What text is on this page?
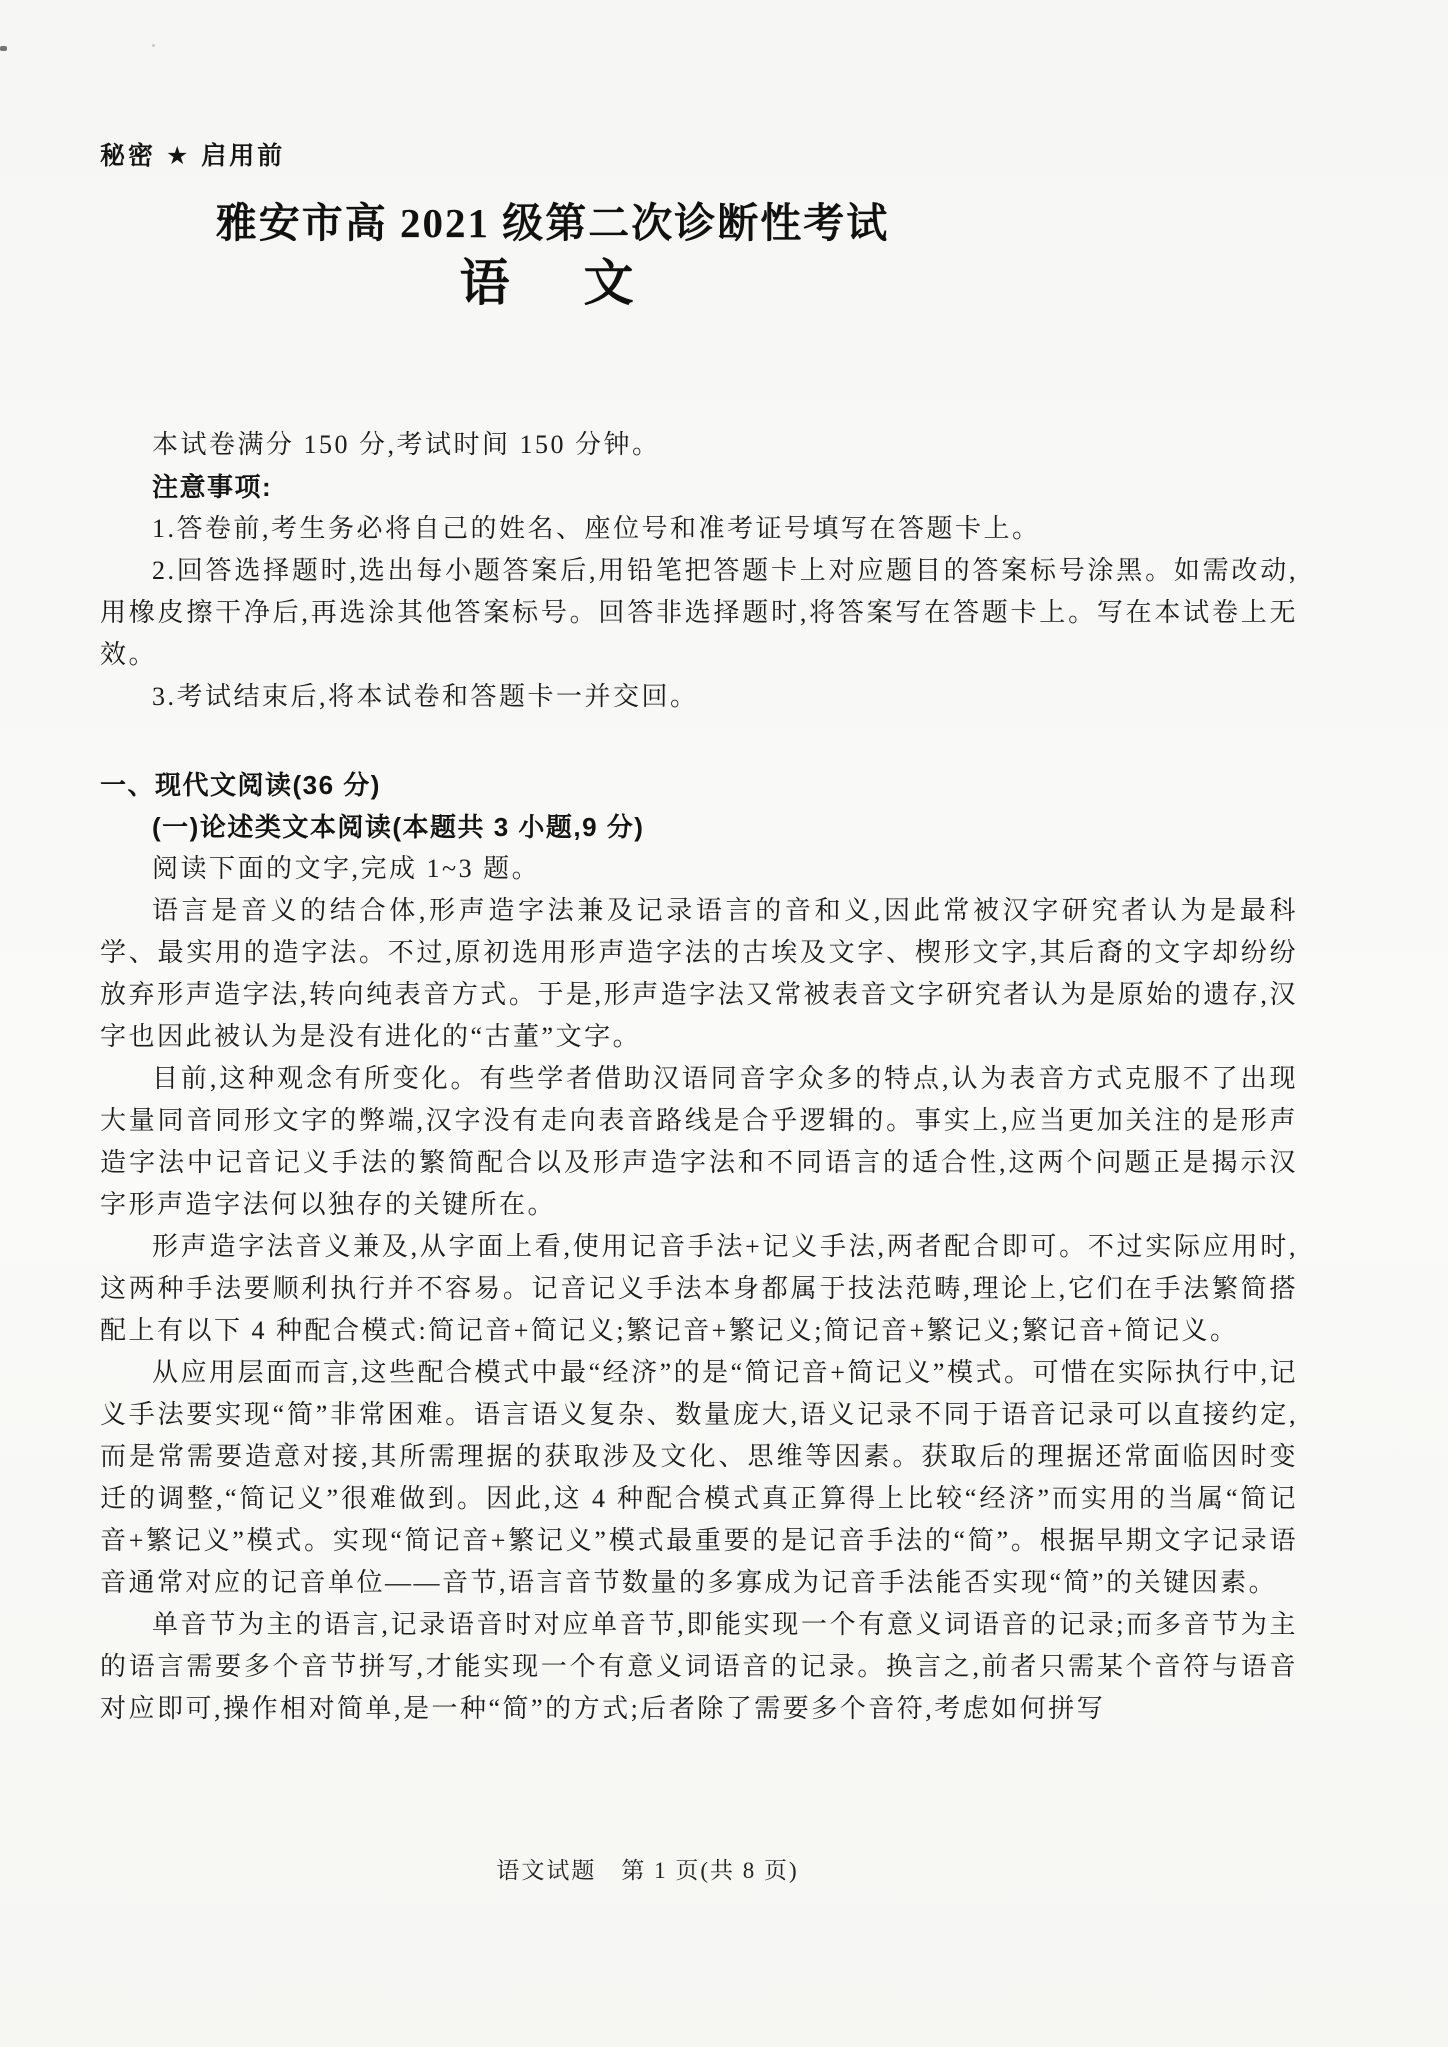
秘密 ★ 启用前
雅安市高 2021 级第二次诊断性考试
语　文

本试卷满分 150 分,考试时间 150 分钟。

注意事项:

1.答卷前,考生务必将自己的姓名、座位号和准考证号填写在答题卡上。

2.回答选择题时,选出每小题答案后,用铅笔把答题卡上对应题目的答案标号涂黑。如需改动,用橡皮擦干净后,再选涂其他答案标号。回答非选择题时,将答案写在答题卡上。写在本试卷上无效。

3.考试结束后,将本试卷和答题卡一并交回。

一、现代文阅读(36 分)

(一)论述类文本阅读(本题共 3 小题,9 分)

阅读下面的文字,完成 1~3 题。

语言是音义的结合体,形声造字法兼及记录语言的音和义,因此常被汉字研究者认为是最科学、最实用的造字法。不过,原初选用形声造字法的古埃及文字、楔形文字,其后裔的文字却纷纷放弃形声造字法,转向纯表音方式。于是,形声造字法又常被表音文字研究者认为是原始的遗存,汉字也因此被认为是没有进化的“古董”文字。

目前,这种观念有所变化。有些学者借助汉语同音字众多的特点,认为表音方式克服不了出现大量同音同形文字的弊端,汉字没有走向表音路线是合乎逻辑的。事实上,应当更加关注的是形声造字法中记音记义手法的繁简配合以及形声造字法和不同语言的适合性,这两个问题正是揭示汉字形声造字法何以独存的关键所在。

形声造字法音义兼及,从字面上看,使用记音手法+记义手法,两者配合即可。不过实际应用时,这两种手法要顺利执行并不容易。记音记义手法本身都属于技法范畴,理论上,它们在手法繁简搭配上有以下 4 种配合模式:简记音+简记义;繁记音+繁记义;简记音+繁记义;繁记音+简记义。

从应用层面而言,这些配合模式中最“经济”的是“简记音+简记义”模式。可惜在实际执行中,记义手法要实现“简”非常困难。语言语义复杂、数量庞大,语义记录不同于语音记录可以直接约定,而是常需要造意对接,其所需理据的获取涉及文化、思维等因素。获取后的理据还常面临因时变迁的调整,“简记义”很难做到。因此,这 4 种配合模式真正算得上比较“经济”而实用的当属“简记音+繁记义”模式。实现“简记音+繁记义”模式最重要的是记音手法的“简”。根据早期文字记录语音通常对应的记音单位——音节,语言音节数量的多寡成为记音手法能否实现“简”的关键因素。

单音节为主的语言,记录语音时对应单音节,即能实现一个有意义词语音的记录;而多音节为主的语言需要多个音节拼写,才能实现一个有意义词语音的记录。换言之,前者只需某个音符与语音对应即可,操作相对简单,是一种“简”的方式;后者除了需要多个音符,考虑如何拼写

语文试题　第 1 页(共 8 页)
